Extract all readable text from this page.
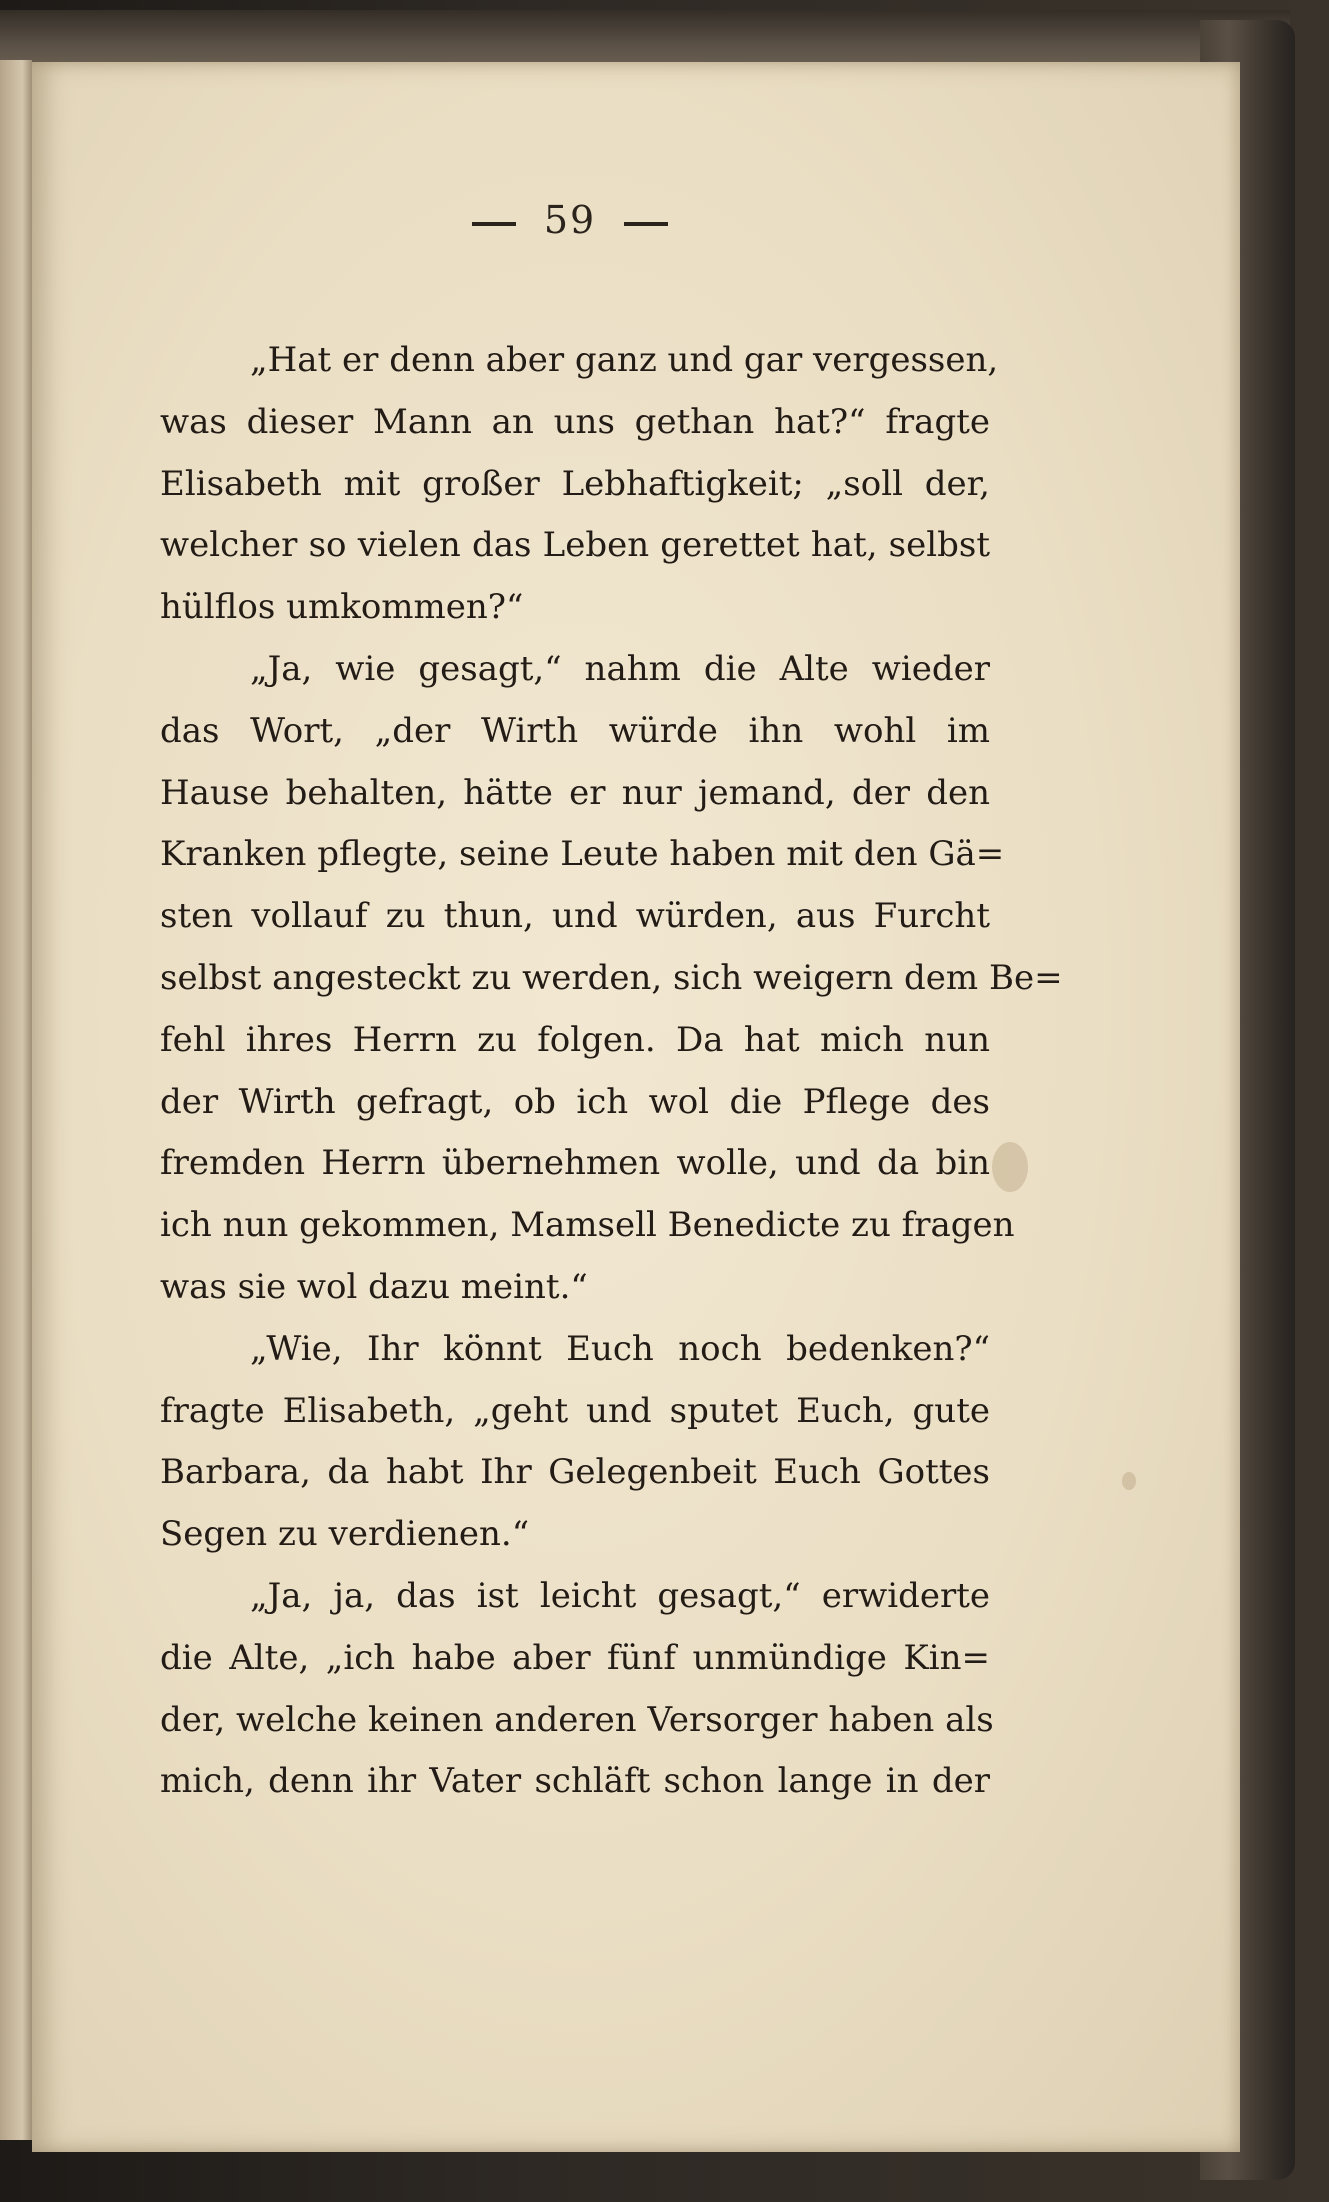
59
„Hat er denn aber ganz und gar vergessen,
was dieser Mann an uns gethan hat?“ fragte
Elisabeth mit großer Lebhaftigkeit; „soll der,
welcher so vielen das Leben gerettet hat, selbst
hülflos umkommen?“
„Ja, wie gesagt,“ nahm die Alte wieder
das Wort, „der Wirth würde ihn wohl im
Hause behalten, hätte er nur jemand, der den
Kranken pflegte, seine Leute haben mit den Gä=
sten vollauf zu thun, und würden, aus Furcht
selbst angesteckt zu werden, sich weigern dem Be=
fehl ihres Herrn zu folgen. Da hat mich nun
der Wirth gefragt, ob ich wol die Pflege des
fremden Herrn übernehmen wolle, und da bin
ich nun gekommen, Mamsell Benedicte zu fragen
was sie wol dazu meint.“
„Wie, Ihr könnt Euch noch bedenken?“
fragte Elisabeth, „geht und sputet Euch, gute
Barbara, da habt Ihr Gelegenbeit Euch Gottes
Segen zu verdienen.“
„Ja, ja, das ist leicht gesagt,“ erwiderte
die Alte, „ich habe aber fünf unmündige Kin=
der, welche keinen anderen Versorger haben als
mich, denn ihr Vater schläft schon lange in der
